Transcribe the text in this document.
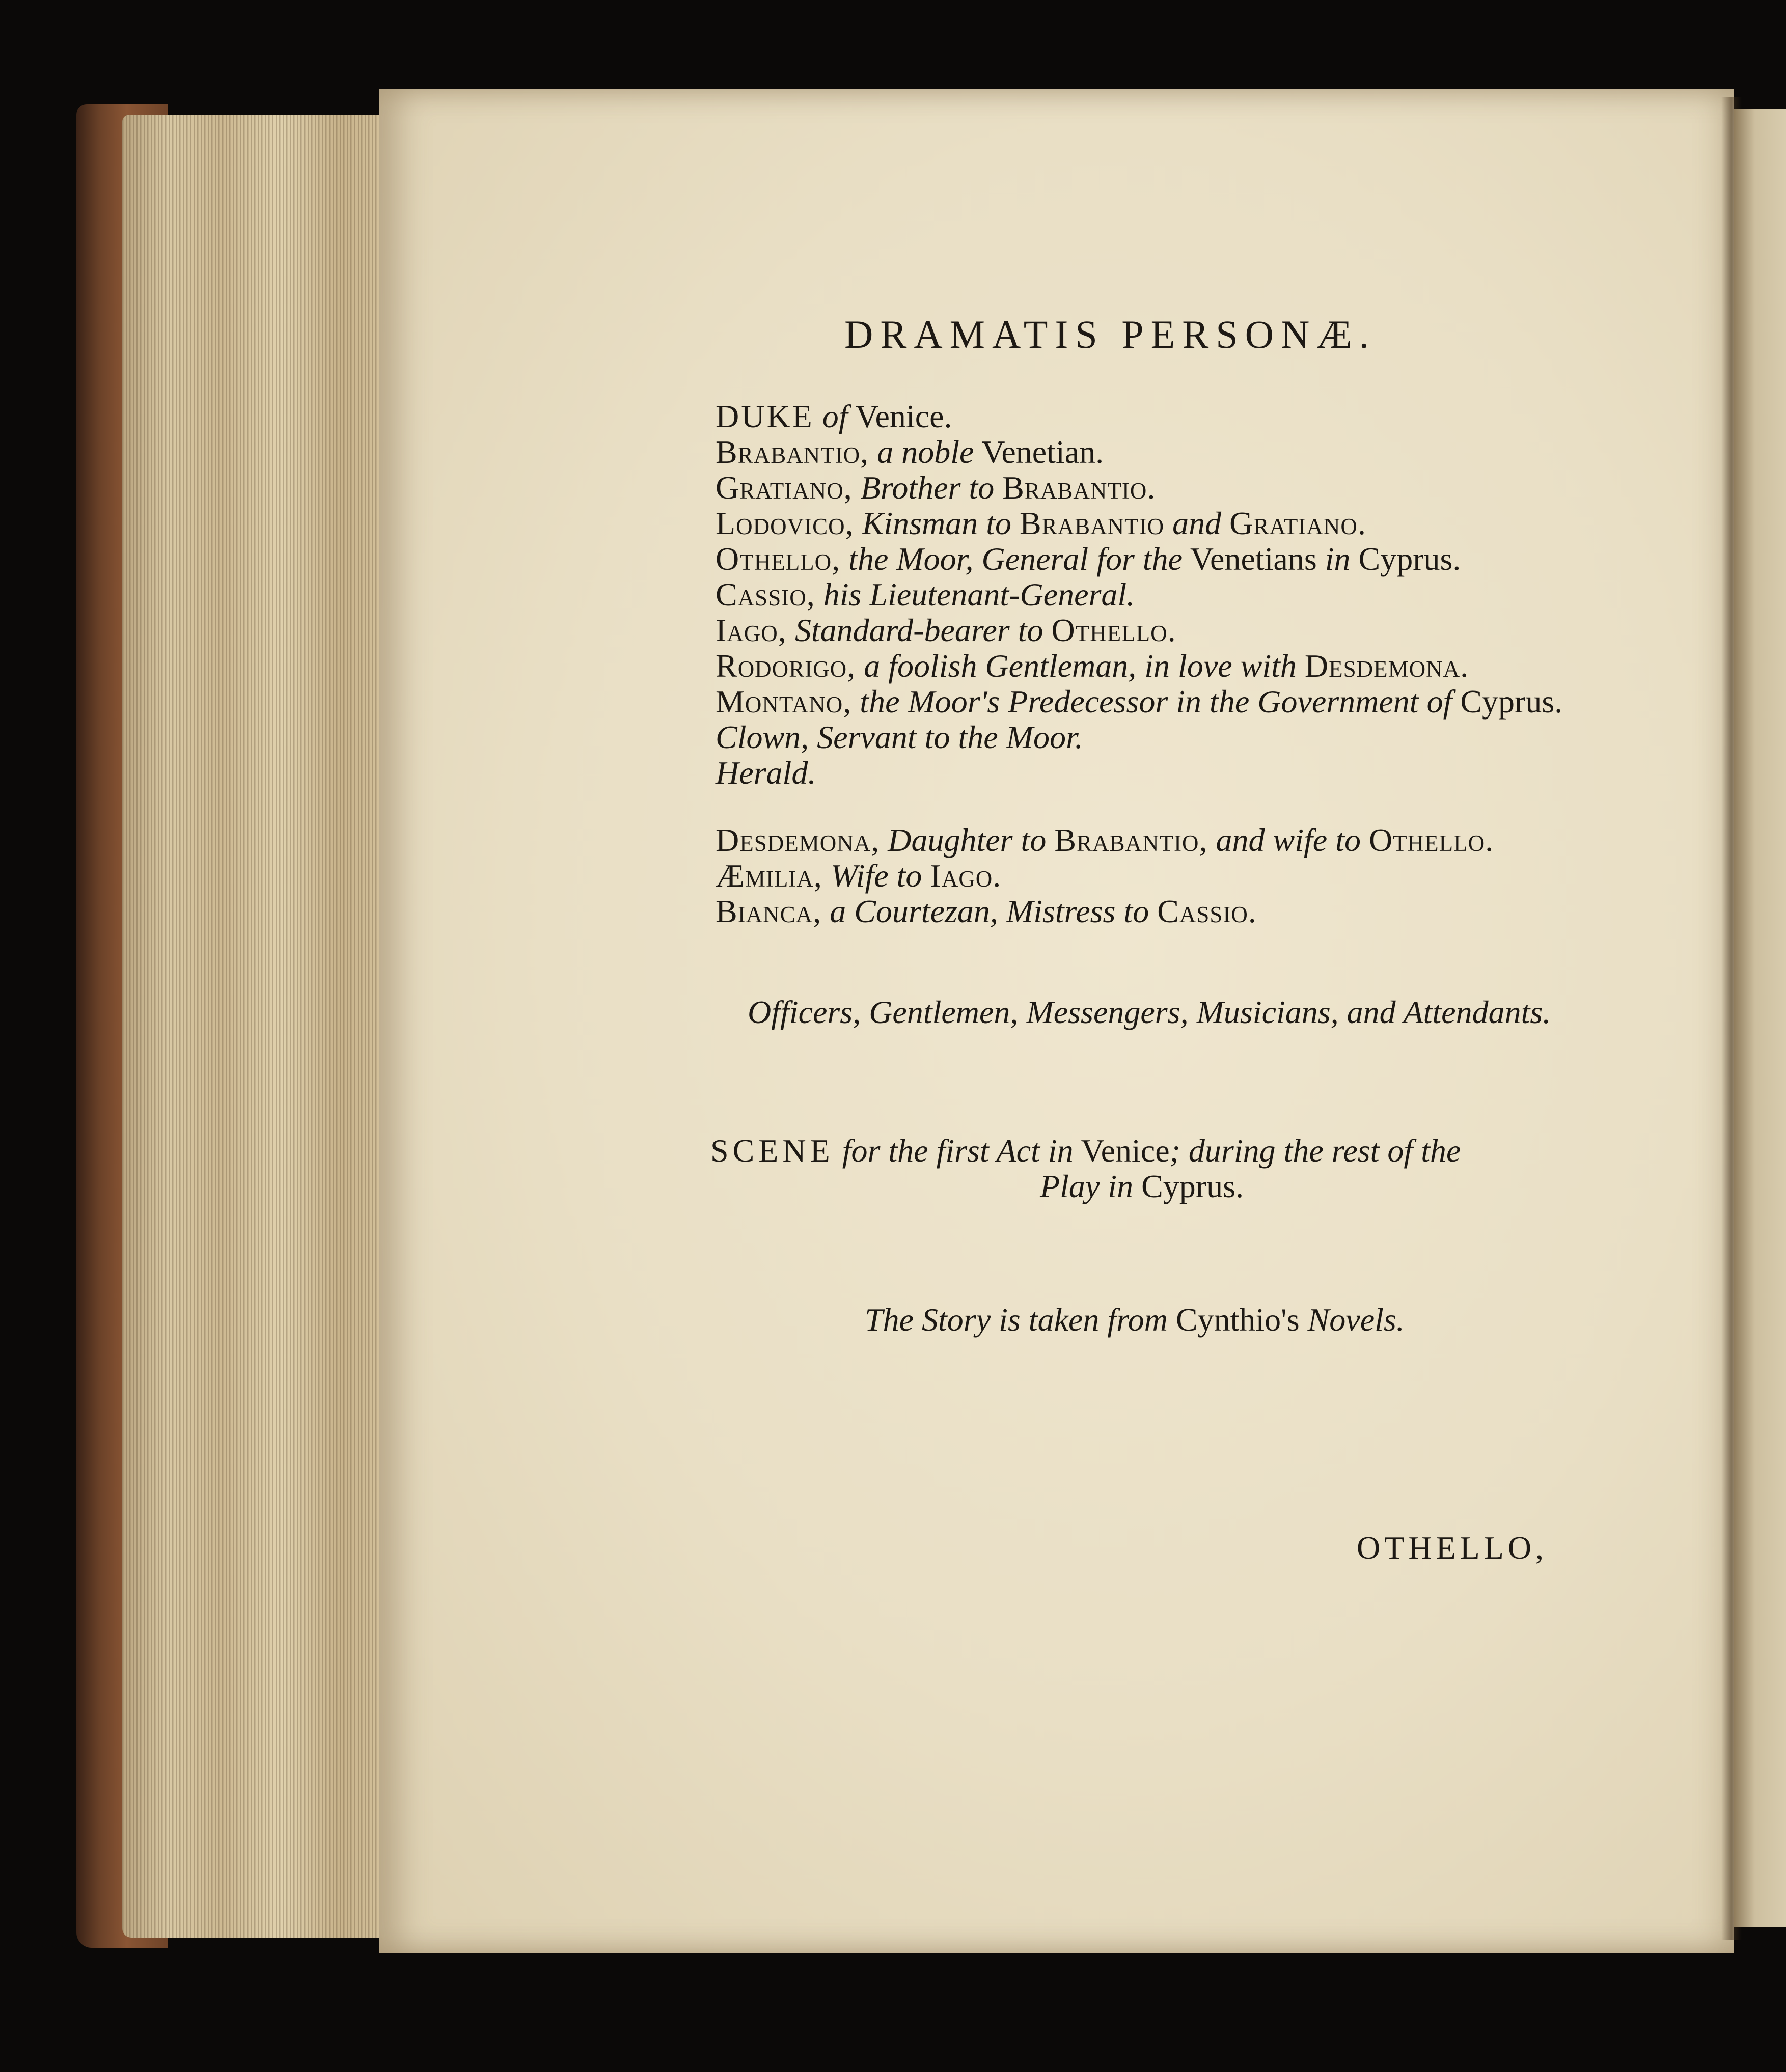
DRAMATIS PERSONÆ.
DUKE of Venice.
Brabantio, a noble Venetian.
Gratiano, Brother to Brabantio.
Lodovico, Kinsman to Brabantio and Gratiano.
Othello, the Moor, General for the Venetians in Cyprus.
Cassio, his Lieutenant-General.
Iago, Standard-bearer to Othello.
Rodorigo, a foolish Gentleman, in love with Desdemona.
Montano, the Moor's Predecessor in the Government of Cyprus.
Clown, Servant to the Moor.
Herald.
Desdemona, Daughter to Brabantio, and wife to Othello.
Æmilia, Wife to Iago.
Bianca, a Courtezan, Mistress to Cassio.
Officers, Gentlemen, Messengers, Musicians, and Attendants.
SCENE for the first Act in Venice; during the rest of the
Play in Cyprus.
The Story is taken from Cynthio's Novels.
OTHELLO,
